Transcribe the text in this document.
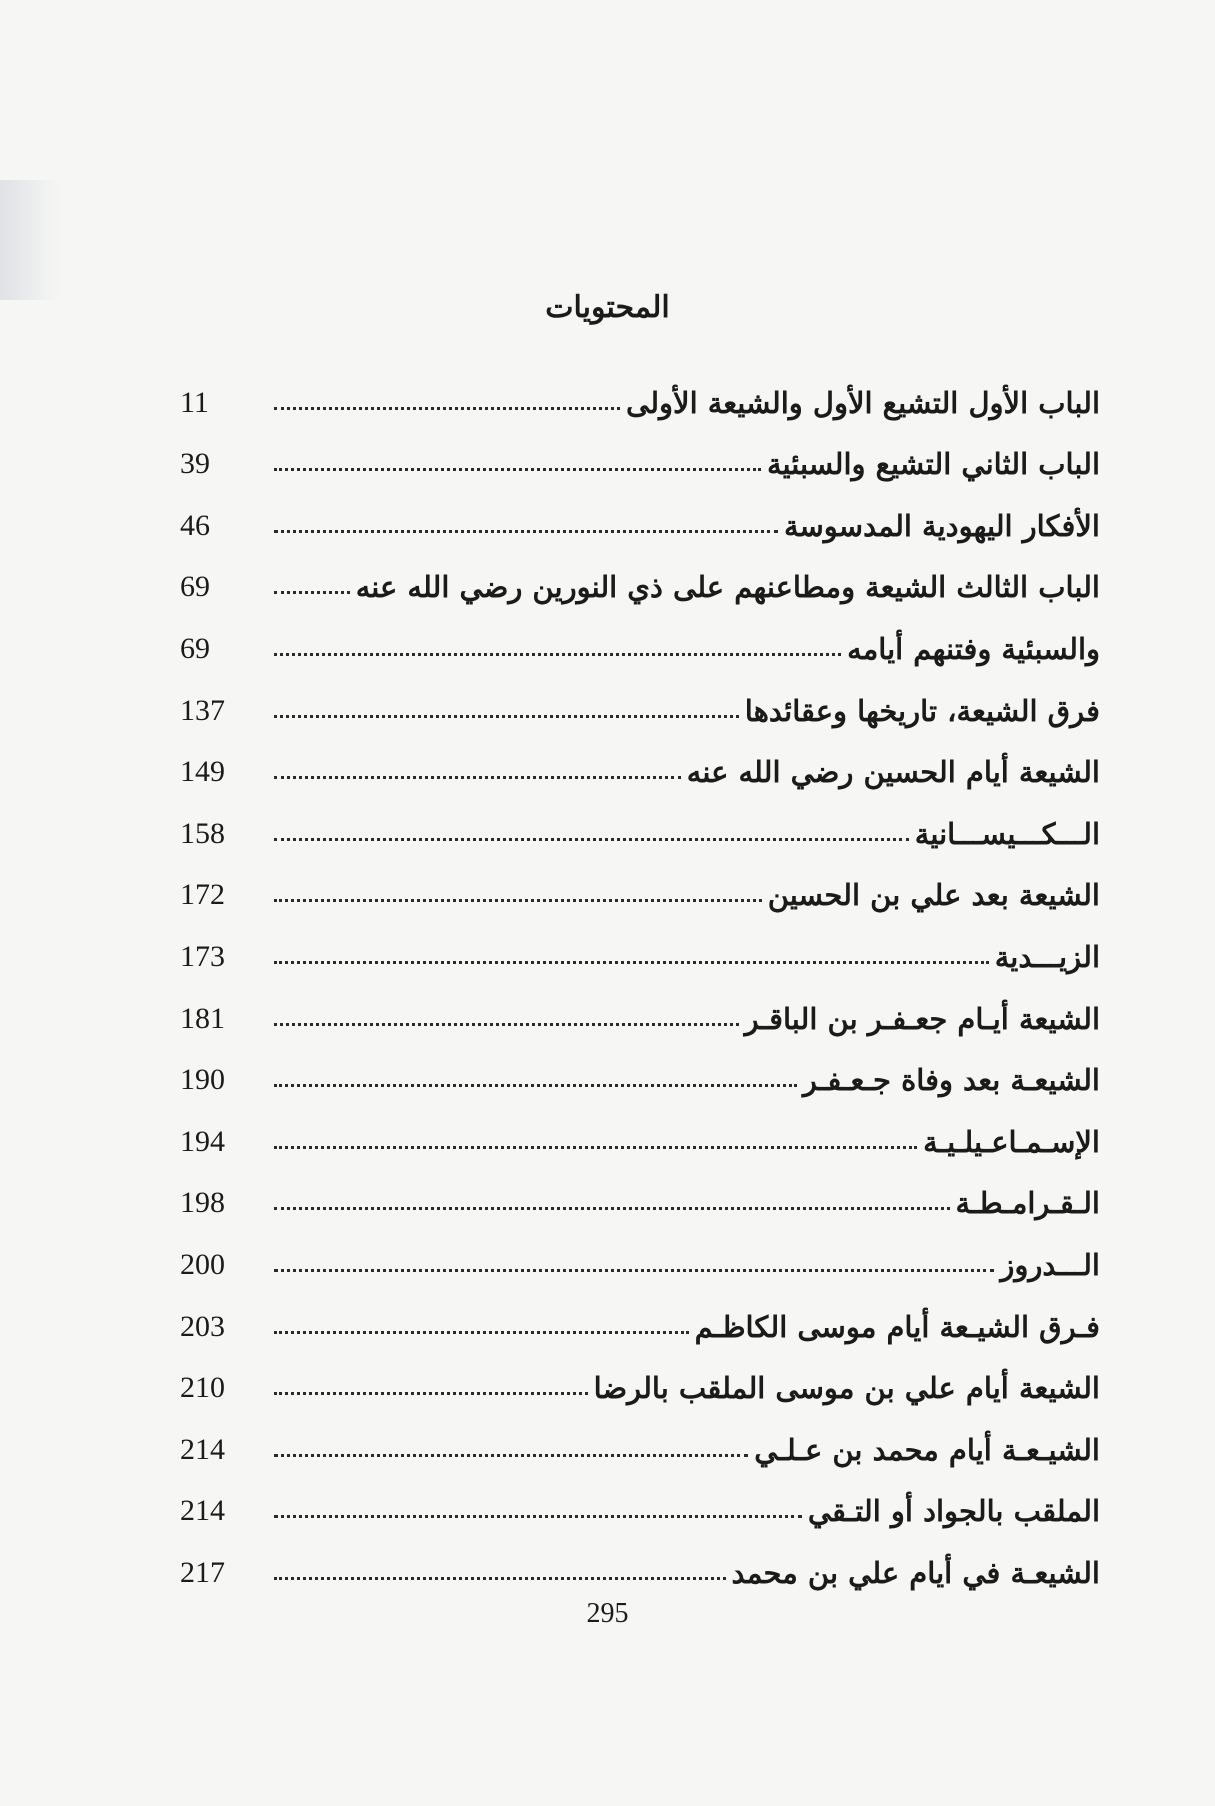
المحتويات
الباب الأول التشيع الأول والشيعة الأولى
11
الباب الثاني التشيع والسبئية
39
الأفكار اليهودية المدسوسة
46
الباب الثالث الشيعة ومطاعنهم على ذي النورين رضي الله عنه
69
والسبئية وفتنهم أيامه
69
فرق الشيعة، تاريخها وعقائدها
137
الشيعة أيام الحسين رضي الله عنه
149
الـــكـــيســـانية
158
الشيعة بعد علي بن الحسين
172
الزيـــدية
173
الشيعة أيـام جعـفـر بن الباقـر
181
الشيعـة بعد وفاة جـعـفـر
190
الإسـمـاعـيلـيـة
194
الـقـرامـطـة
198
الـــدروز
200
فـرق الشيـعة أيام موسى الكاظـم
203
الشيعة أيام علي بن موسى الملقب بالرضا
210
الشيـعـة أيام محمد بن عـلـي
214
الملقب بالجواد أو التـقي
214
الشيعـة في أيام علي بن محمد
217
295
